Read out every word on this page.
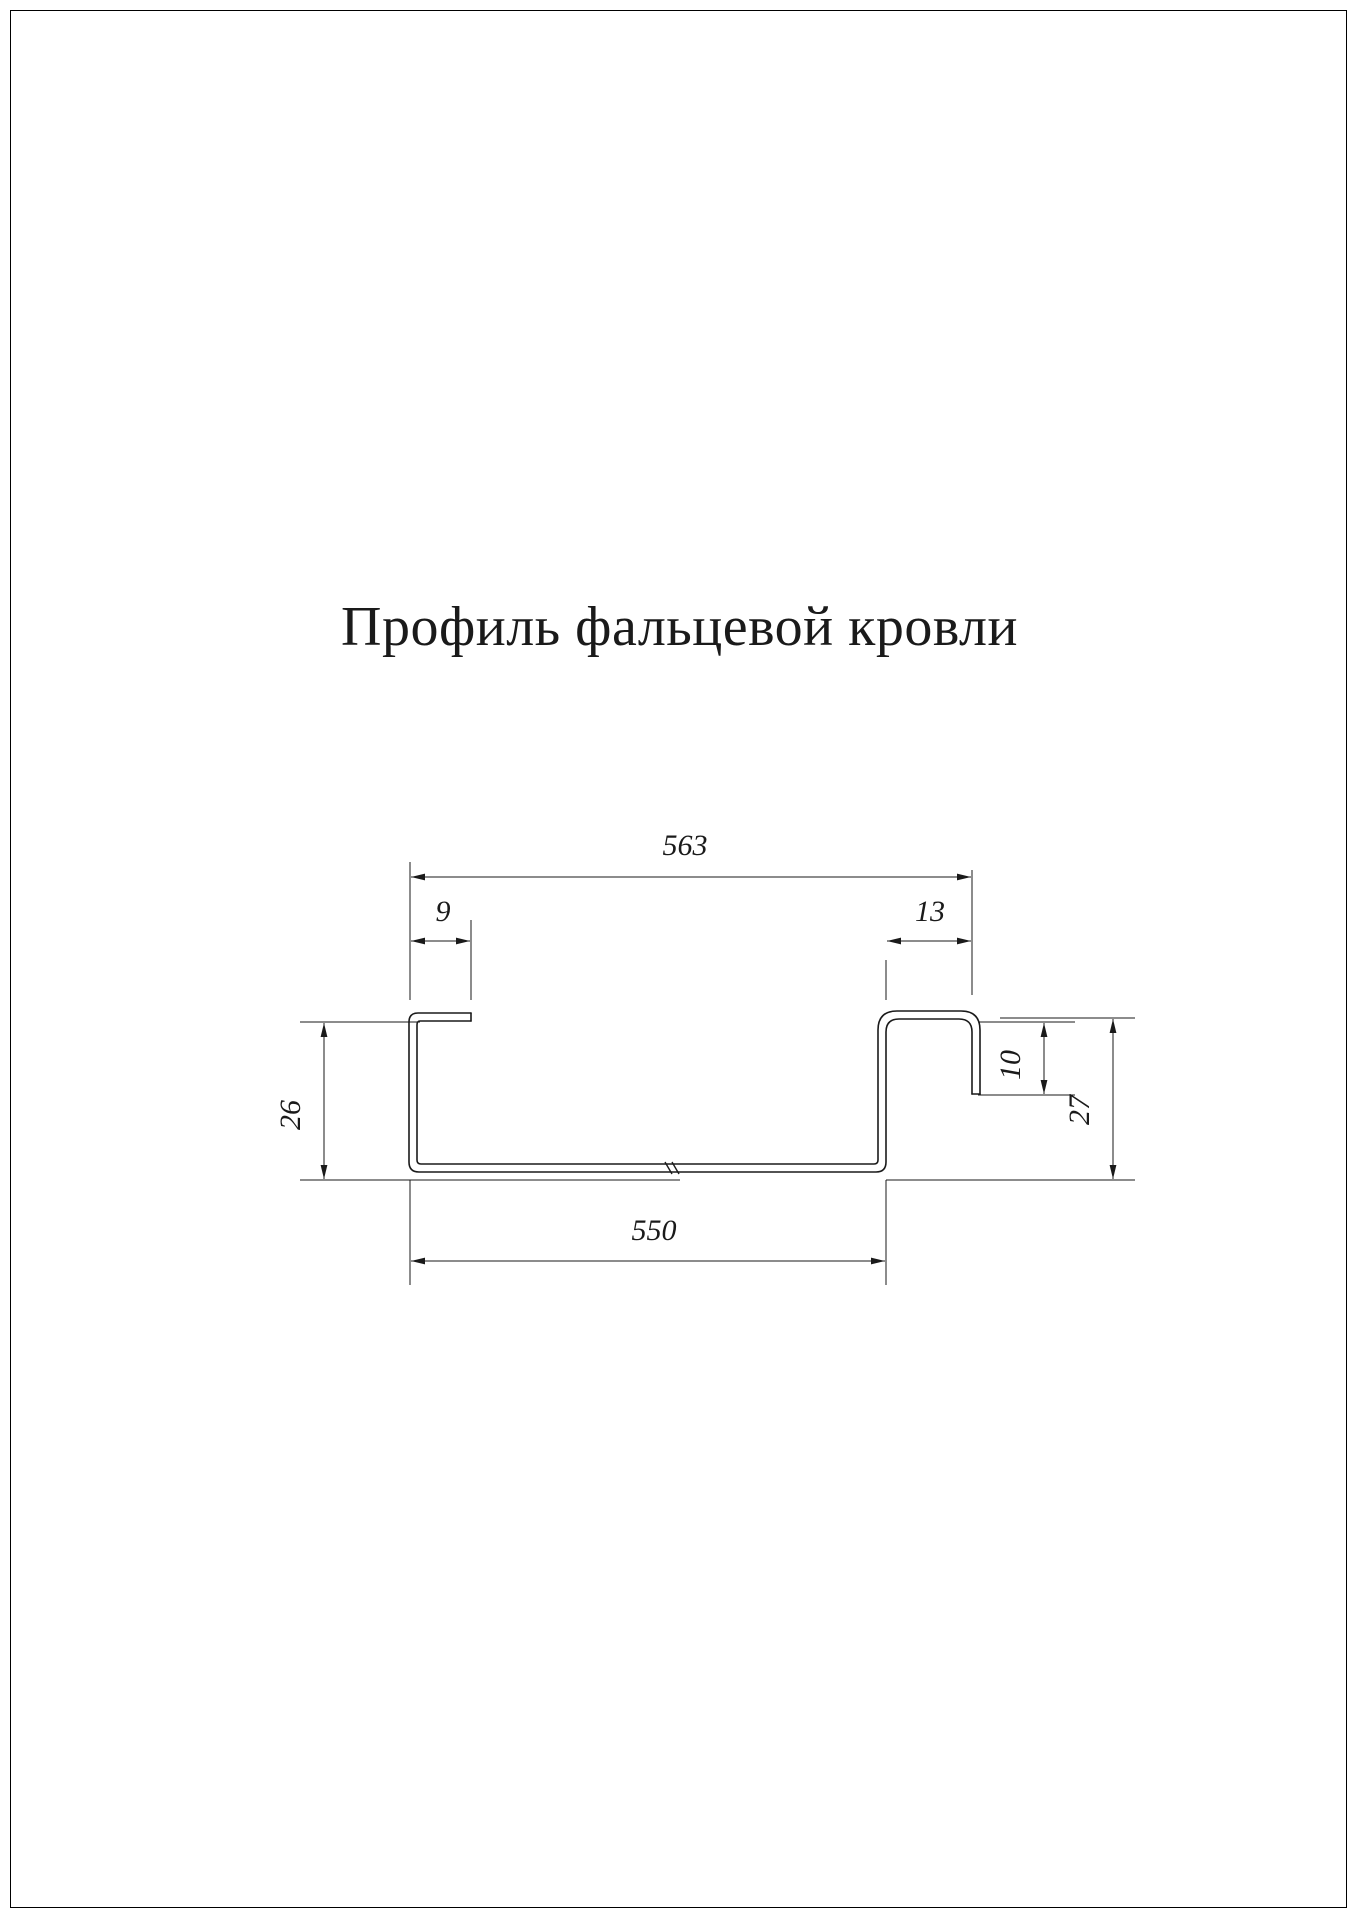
Профиль фальцевой кровли
563
9	13
26
10
27
550
